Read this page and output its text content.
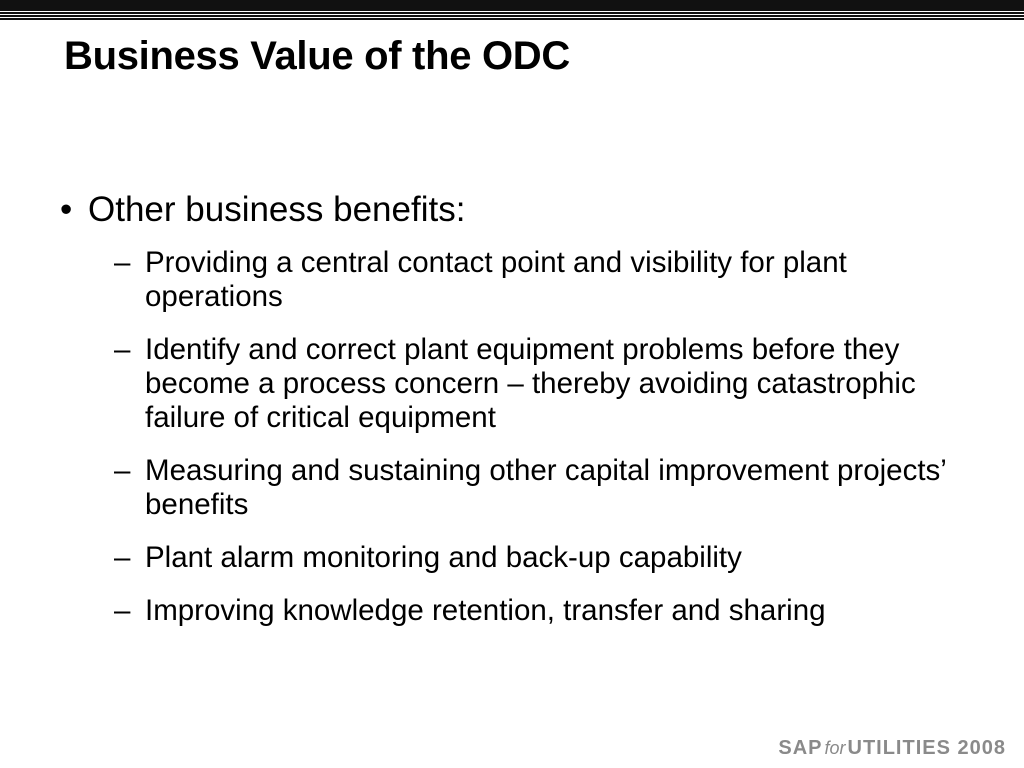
Business Value of the ODC
• Other business benefits:
– Providing a central contact point and visibility for plant operations
– Identify and correct plant equipment problems before they become a process concern – thereby avoiding catastrophic failure of critical equipment
– Measuring and sustaining other capital improvement projects’ benefits
– Plant alarm monitoring and back-up capability
– Improving knowledge retention, transfer and sharing
SAP for UTILITIES 2008
